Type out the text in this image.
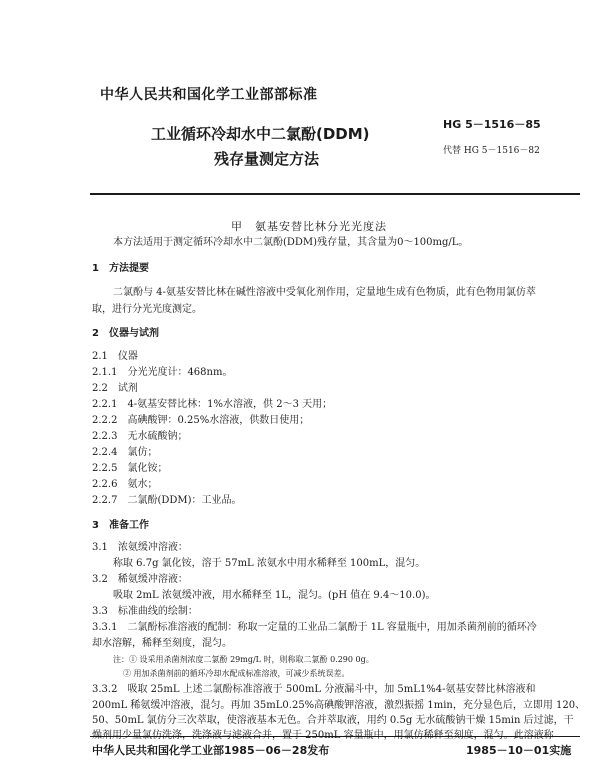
中华人民共和国化学工业部部标准
工业循环冷却水中二氯酚(DDM)
残存量测定方法
HG 5－1516－85
代替 HG 5－1516－82
甲　氨基安替比林分光光度法
本方法适用于测定循环冷却水中二氯酚(DDM)残存量，其含量为0～100mg/L。
1　方法提要
二氯酚与 4-氨基安替比林在碱性溶液中受氧化剂作用，定量地生成有色物质，此有色物用氯仿萃
取，进行分光光度测定。
2　仪器与试剂
2.1　仪器
2.1.1　分光光度计：468nm。
2.2　试剂
2.2.1　4-氨基安替比林：1%水溶液，供 2～3 天用；
2.2.2　高碘酸钾：0.25%水溶液，供数日使用；
2.2.3　无水硫酸钠；
2.2.4　氯仿；
2.2.5　氯化铵；
2.2.6　氨水；
2.2.7　二氯酚(DDM)：工业品。
3　准备工作
3.1　浓氨缓冲溶液：
称取 6.7g 氯化铵，溶于 57mL 浓氨水中用水稀释至 100mL，混匀。
3.2　稀氨缓冲溶液：
吸取 2mL 浓氨缓冲液，用水稀释至 1L，混匀。(pH 值在 9.4～10.0)。
3.3　标准曲线的绘制：
3.3.1　二氯酚标准溶液的配制：称取一定量的工业品二氯酚于 1L 容量瓶中，用加杀菌剂前的循环冷
却水溶解，稀释至刻度，混匀。
注：① 设采用杀菌剂浓度二氯酚 29mg/L 时，则称取二氯酚 0.290 0g。
② 用加杀菌剂前的循环冷却水配成标准溶液，可减少系统误差。
3.3.2　吸取 25mL 上述二氯酚标准溶液于 500mL 分液漏斗中，加 5mL1%4-氨基安替比林溶液和
200mL 稀氨缓冲溶液，混匀。再加 35mL0.25%高碘酸钾溶液，激烈振摇 1min，充分显色后，立即用 120、
50、50mL 氯仿分三次萃取，使溶液基本无色。合并萃取液，用约 0.5g 无水硫酸钠干燥 15min 后过滤，干
中华人民共和国化学工业部1985－06－28发布	1985－10－01实施
